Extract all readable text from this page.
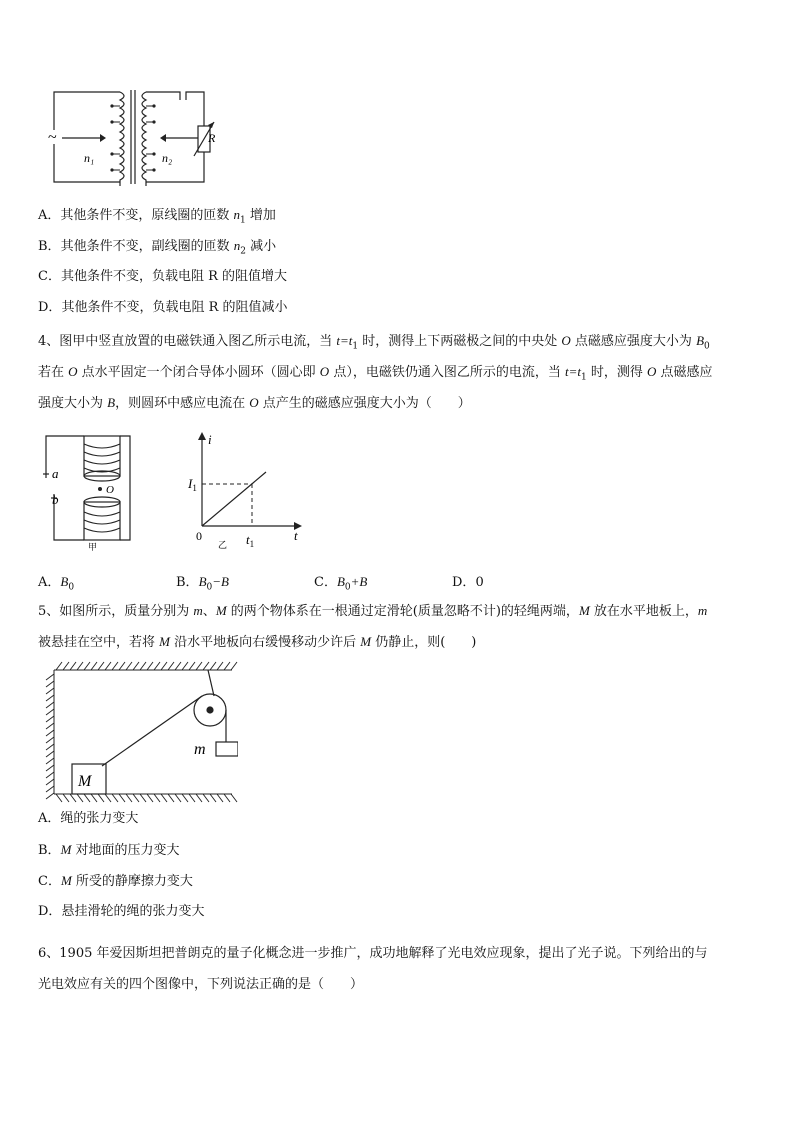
~
n₁	n₂
R
A．其他条件不变，原线圈的匝数 $n_1$ 增加
B．其他条件不变，副线圈的匝数 $n_2$ 减小
C．其他条件不变，负载电阻 R 的阻值增大
D．其他条件不变，负载电阻 R 的阻值减小
4、图甲中竖直放置的电磁铁通入图乙所示电流，当 $t=t_1$ 时，测得上下两磁极之间的中央处 O 点磁感应强度大小为 $B_0$
若在 O 点水平固定一个闭合导体小圆环（圆心即 O 点），电磁铁仍通入图乙所示的电流，当 $t=t_1$ 时，测得 O 点磁感应
强度大小为 B，则圆环中感应电流在 O 点产生的磁感应强度大小为（　　）
a
b
O
甲
i
t
$I_1$
0	$t_1$
乙
A．$B_0$	B．$B_0-B$	C．$B_0+B$	D．0
5、如图所示，质量分别为 m、M 的两个物体系在一根通过定滑轮(质量忽略不计)的轻绳两端，M 放在水平地板上，m
被悬挂在空中，若将 M 沿水平地板向右缓慢移动少许后 M 仍静止，则(　　)
M
m
A．绳的张力变大
B．M 对地面的压力变大
C．M 所受的静摩擦力变大
D．悬挂滑轮的绳的张力变大
6、1905 年爱因斯坦把普朗克的量子化概念进一步推广，成功地解释了光电效应现象，提出了光子说。下列给出的与
光电效应有关的四个图像中，下列说法正确的是（　　）
